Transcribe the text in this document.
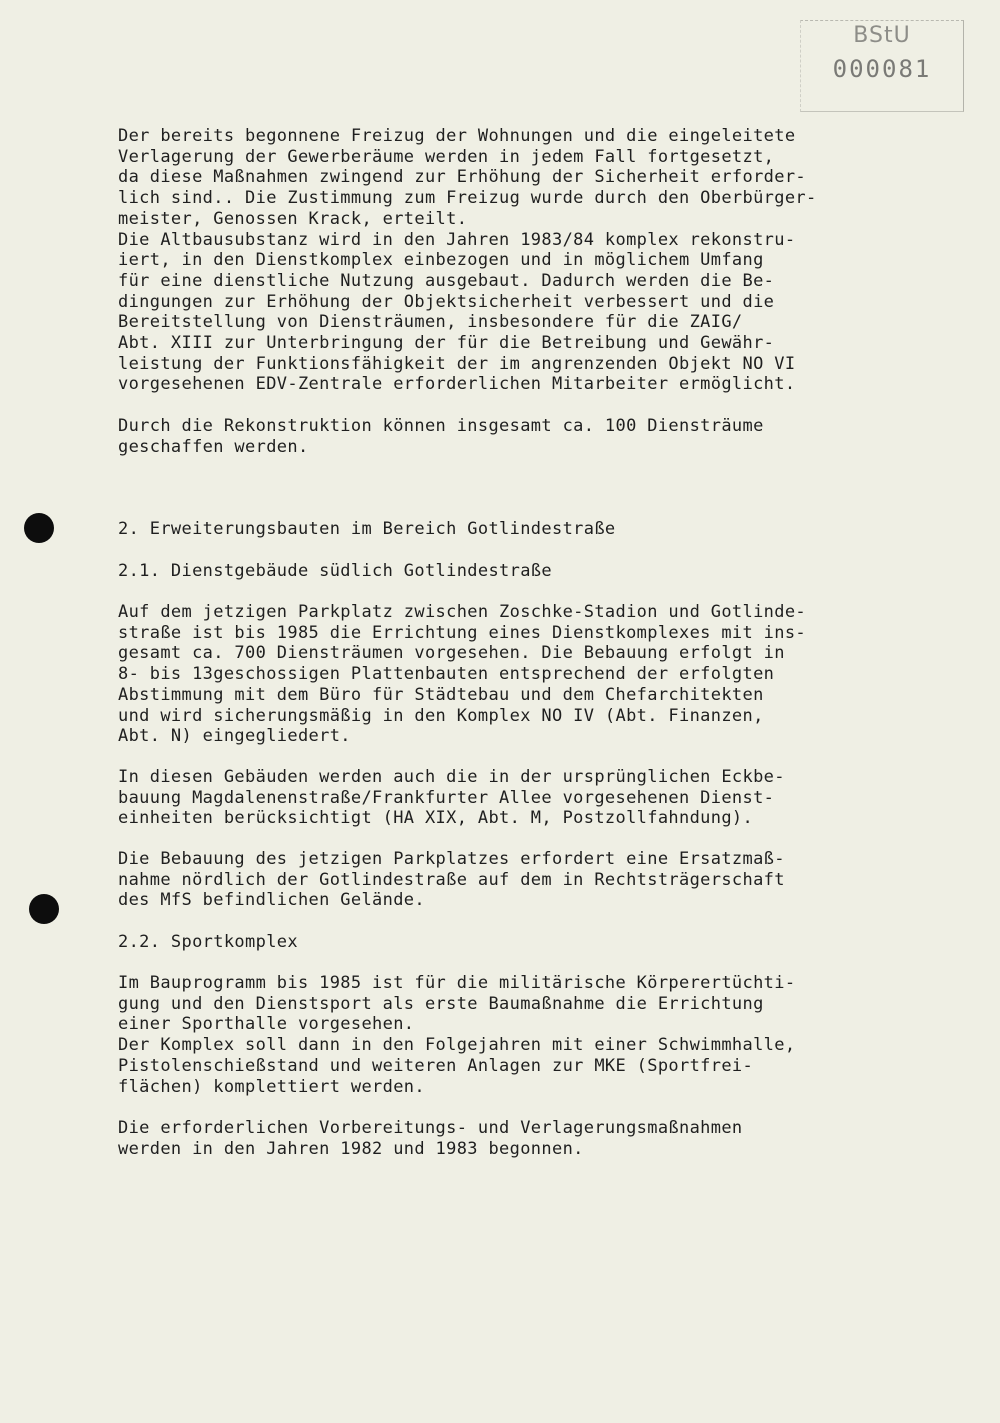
BStU
000081

Der bereits begonnene Freizug der Wohnungen und die eingeleitete
Verlagerung der Gewerberäume werden in jedem Fall fortgesetzt,
da diese Maßnahmen zwingend zur Erhöhung der Sicherheit erforder-
lich sind.. Die Zustimmung zum Freizug wurde durch den Oberbürger-
meister, Genossen Krack, erteilt.
Die Altbausubstanz wird in den Jahren 1983/84 komplex rekonstru-
iert, in den Dienstkomplex einbezogen und in möglichem Umfang
für eine dienstliche Nutzung ausgebaut. Dadurch werden die Be-
dingungen zur Erhöhung der Objektsicherheit verbessert und die
Bereitstellung von Diensträumen, insbesondere für die ZAIG/
Abt. XIII zur Unterbringung der für die Betreibung und Gewähr-
leistung der Funktionsfähigkeit der im angrenzenden Objekt NO VI
vorgesehenen EDV-Zentrale erforderlichen Mitarbeiter ermöglicht.

Durch die Rekonstruktion können insgesamt ca. 100 Diensträume
geschaffen werden.

2. Erweiterungsbauten im Bereich Gotlindestraße

2.1. Dienstgebäude südlich Gotlindestraße

Auf dem jetzigen Parkplatz zwischen Zoschke-Stadion und Gotlinde-
straße ist bis 1985 die Errichtung eines Dienstkomplexes mit ins-
gesamt ca. 700 Diensträumen vorgesehen. Die Bebauung erfolgt in
8- bis 13geschossigen Plattenbauten entsprechend der erfolgten
Abstimmung mit dem Büro für Städtebau und dem Chefarchitekten
und wird sicherungsmäßig in den Komplex NO IV (Abt. Finanzen,
Abt. N) eingegliedert.

In diesen Gebäuden werden auch die in der ursprünglichen Eckbe-
bauung Magdalenenstraße/Frankfurter Allee vorgesehenen Dienst-
einheiten berücksichtigt (HA XIX, Abt. M, Postzollfahndung).

Die Bebauung des jetzigen Parkplatzes erfordert eine Ersatzmaß-
nahme nördlich der Gotlindestraße auf dem in Rechtsträgerschaft
des MfS befindlichen Gelände.

2.2. Sportkomplex

Im Bauprogramm bis 1985 ist für die militärische Körperertüchti-
gung und den Dienstsport als erste Baumaßnahme die Errichtung
einer Sporthalle vorgesehen.
Der Komplex soll dann in den Folgejahren mit einer Schwimmhalle,
Pistolenschießstand und weiteren Anlagen zur MKE (Sportfrei-
flächen) komplettiert werden.

Die erforderlichen Vorbereitungs- und Verlagerungsmaßnahmen
werden in den Jahren 1982 und 1983 begonnen.
